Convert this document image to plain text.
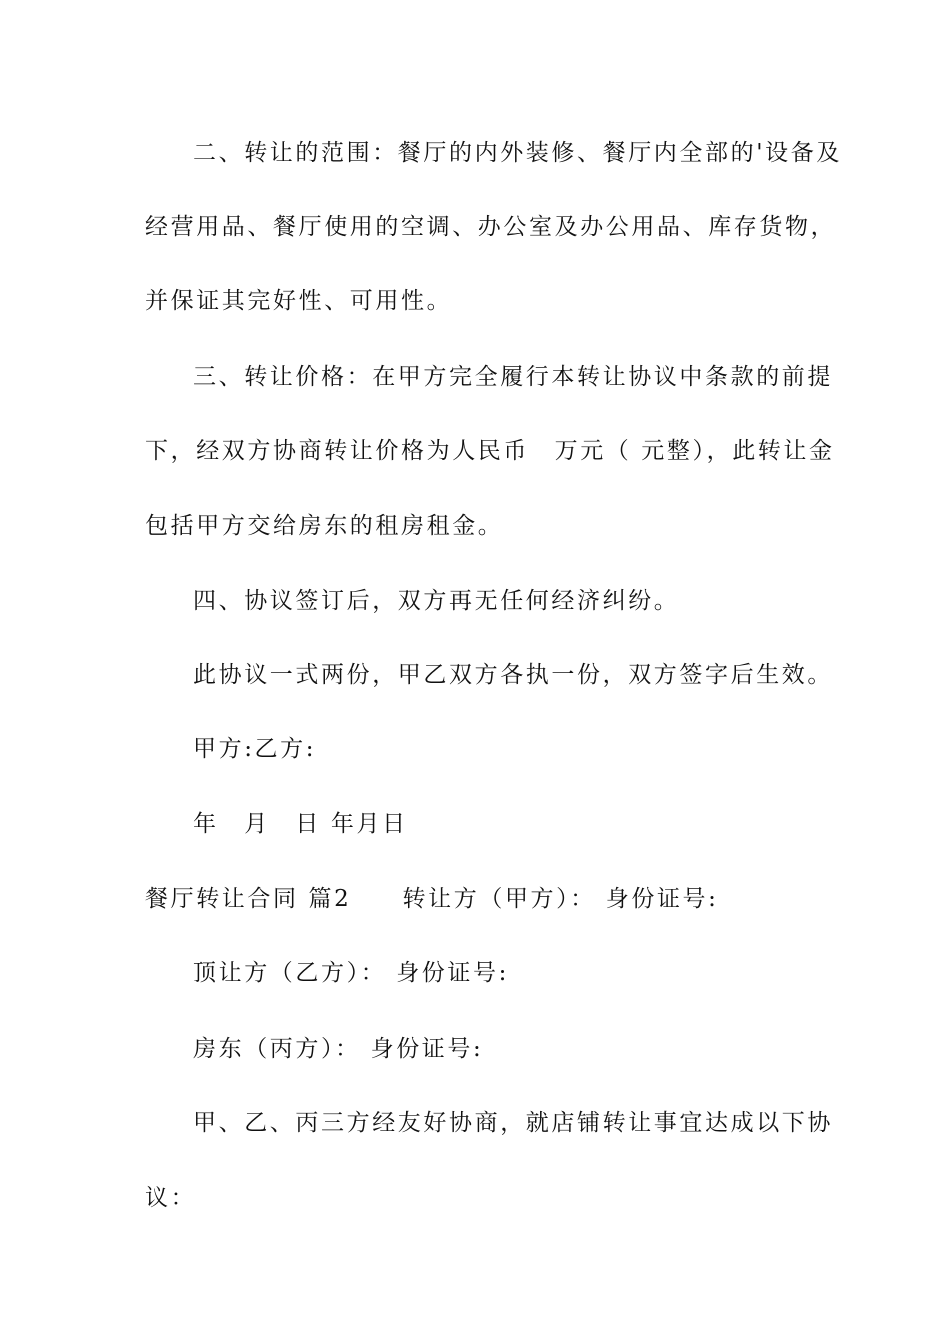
二、转让的范围：餐厅的内外装修、餐厅内全部的'设备及
经营用品、餐厅使用的空调、办公室及办公用品、库存货物，
并保证其完好性、可用性。
三、转让价格：在甲方完全履行本转让协议中条款的前提
下，经双方协商转让价格为人民币　万元（ 元整），此转让金
包括甲方交给房东的租房租金。
四、协议签订后，双方再无任何经济纠纷。
此协议一式两份，甲乙双方各执一份，双方签字后生效。
甲方:乙方:
年　月　日 年月日
餐厅转让合同 篇2　　转让方（甲方）： 身份证号:
顶让方（乙方）： 身份证号:
房东（丙方）： 身份证号:
甲、乙、丙三方经友好协商，就店铺转让事宜达成以下协
议：
